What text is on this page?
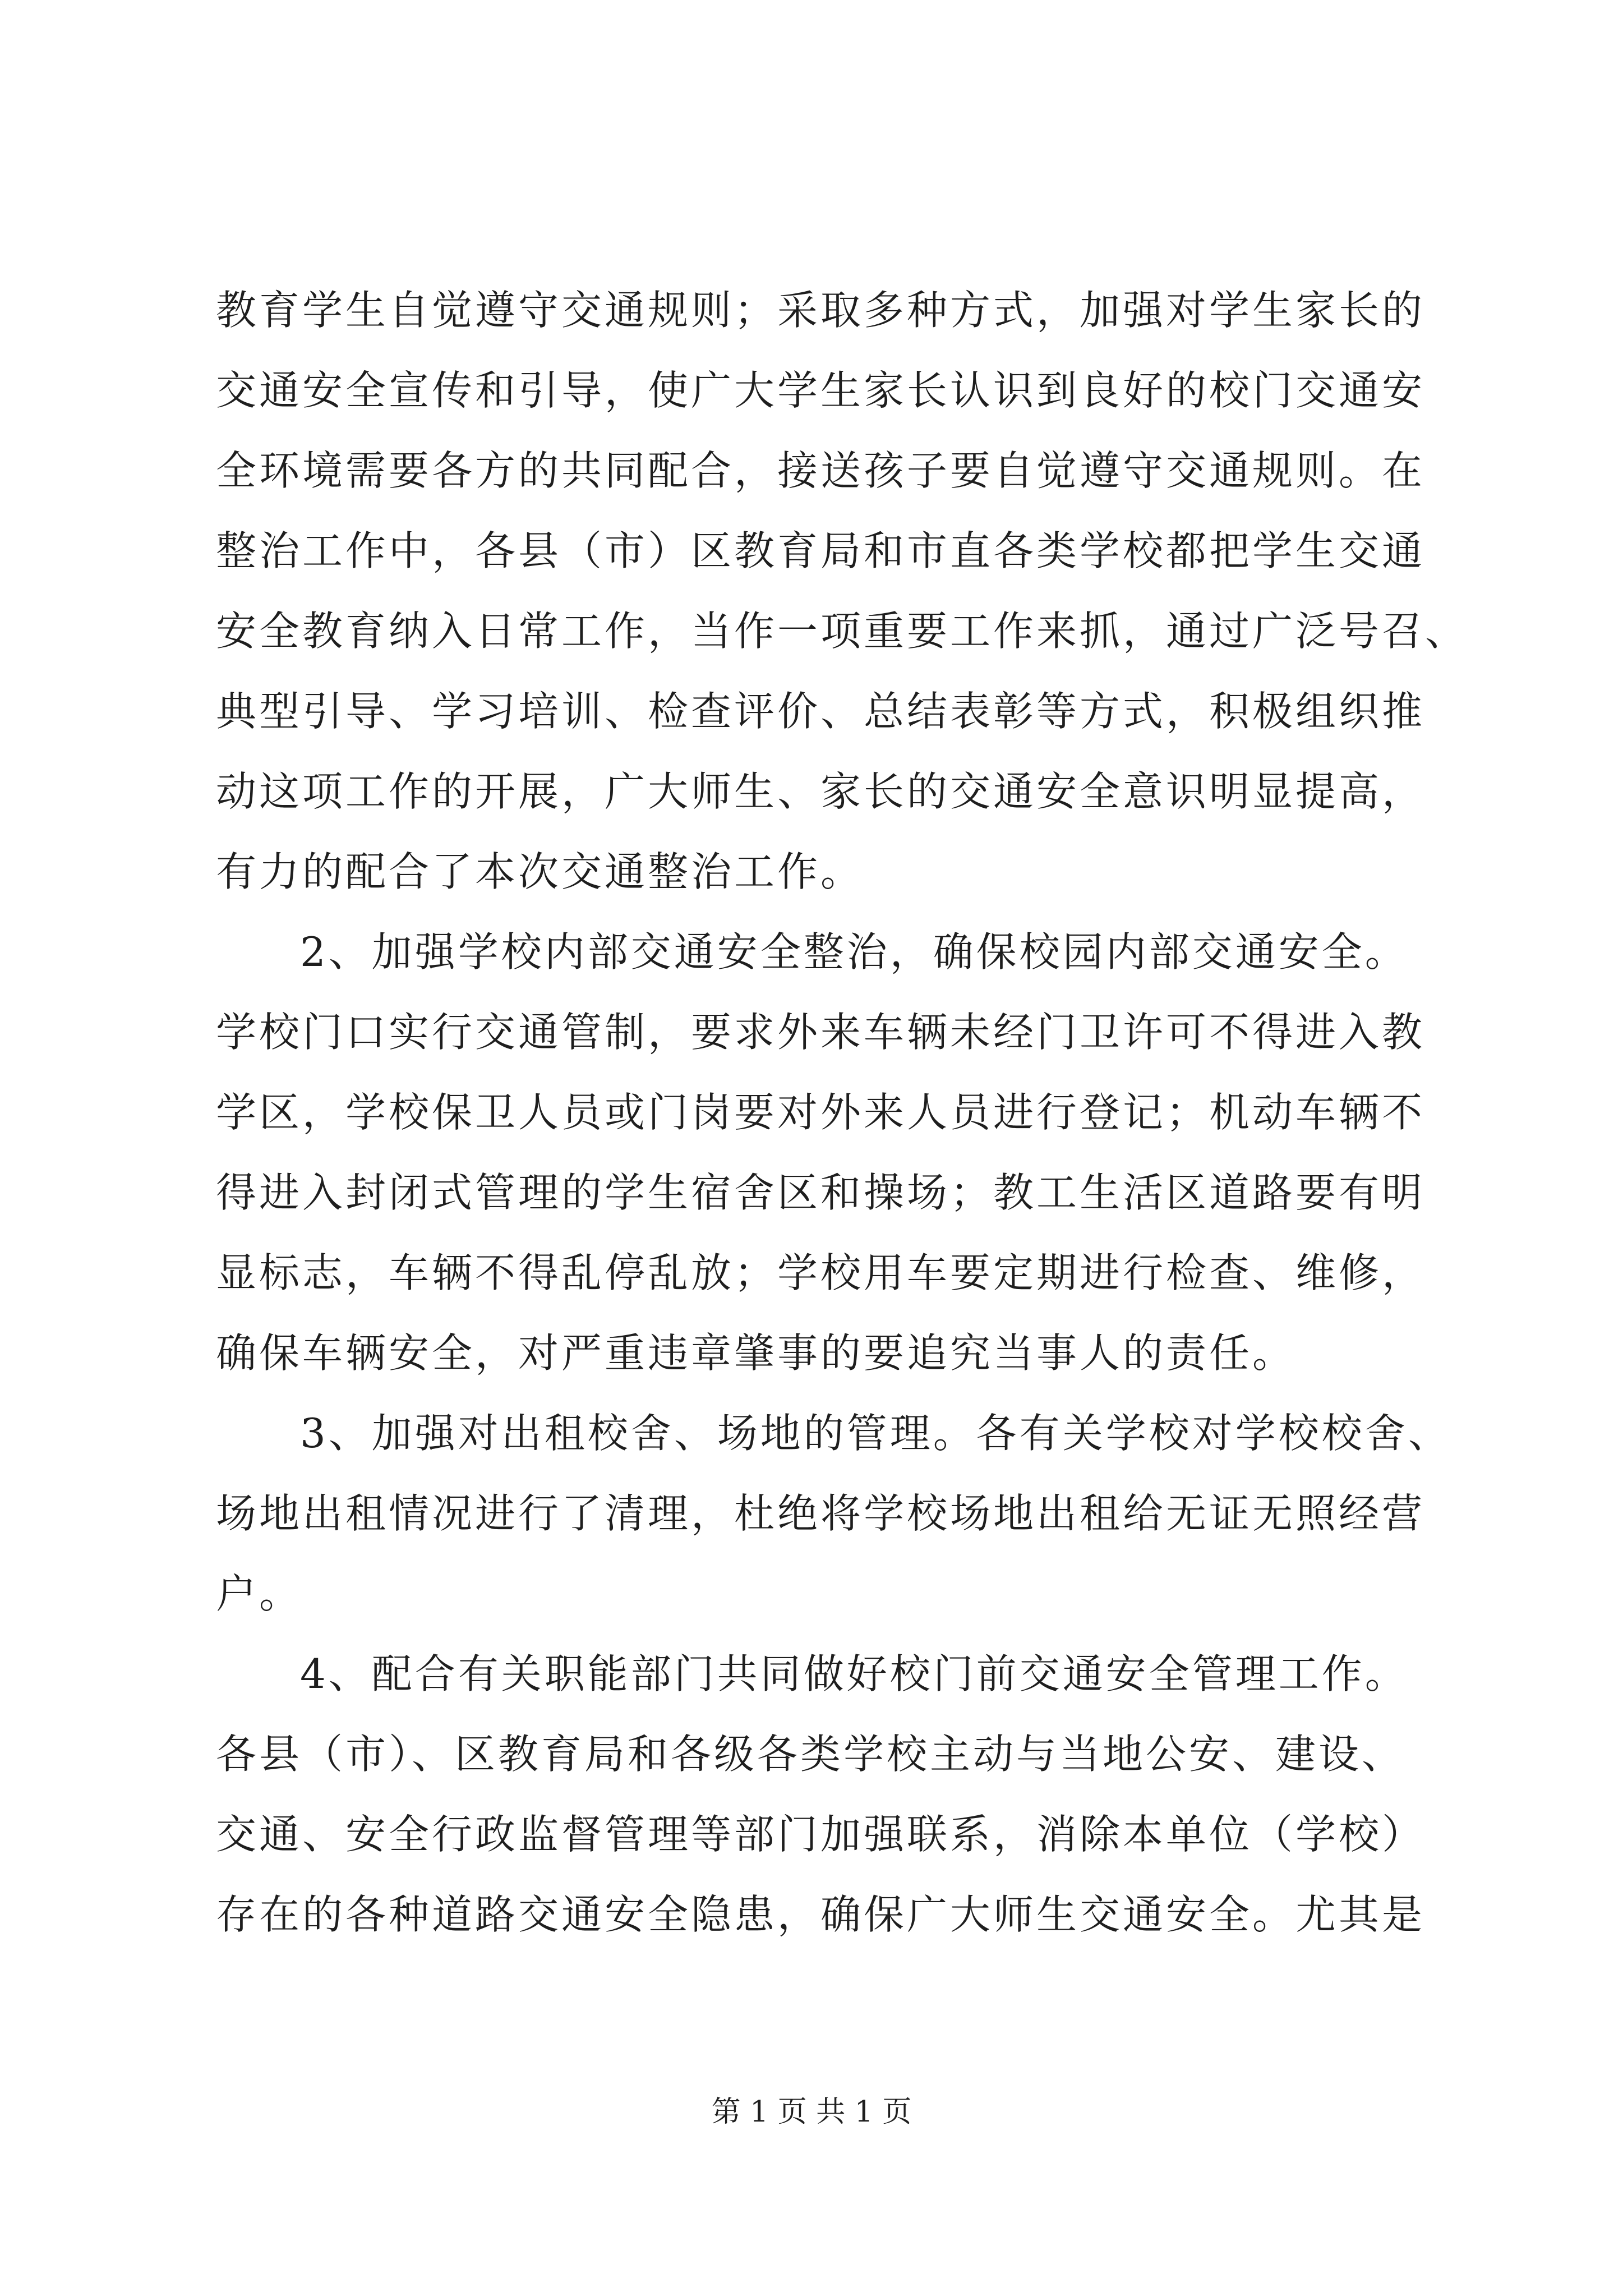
教育学生自觉遵守交通规则；采取多种方式，加强对学生家长的
交通安全宣传和引导，使广大学生家长认识到良好的校门交通安
全环境需要各方的共同配合，接送孩子要自觉遵守交通规则。在
整治工作中，各县（市）区教育局和市直各类学校都把学生交通
安全教育纳入日常工作，当作一项重要工作来抓，通过广泛号召、
典型引导、学习培训、检查评价、总结表彰等方式，积极组织推
动这项工作的开展，广大师生、家长的交通安全意识明显提高，
有力的配合了本次交通整治工作。
2、加强学校内部交通安全整治，确保校园内部交通安全。
学校门口实行交通管制，要求外来车辆未经门卫许可不得进入教
学区，学校保卫人员或门岗要对外来人员进行登记；机动车辆不
得进入封闭式管理的学生宿舍区和操场；教工生活区道路要有明
显标志，车辆不得乱停乱放；学校用车要定期进行检查、维修，
确保车辆安全，对严重违章肇事的要追究当事人的责任。
3、加强对出租校舍、场地的管理。各有关学校对学校校舍、
场地出租情况进行了清理，杜绝将学校场地出租给无证无照经营
户。
4、配合有关职能部门共同做好校门前交通安全管理工作。
各县（市）、区教育局和各级各类学校主动与当地公安、建设、
交通、安全行政监督管理等部门加强联系，消除本单位（学校）
存在的各种道路交通安全隐患，确保广大师生交通安全。尤其是
第 1 页 共 1 页
